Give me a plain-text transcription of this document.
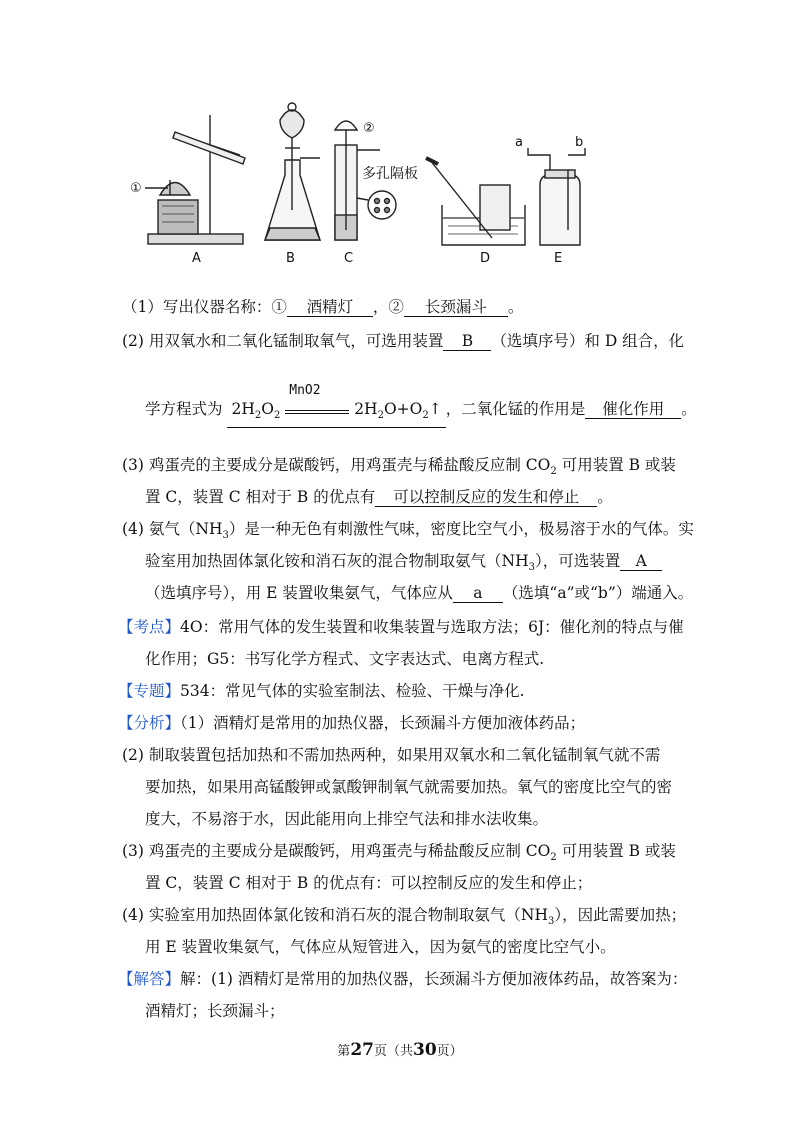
A	B	C	D	E
①
②
a	b
多孔隔板
（1）写出仪器名称：① 酒精灯 ，② 长颈漏斗 。
(2) 用双氧水和二氧化锰制取氧气，可选用装置 B （选填序号）和 D 组合，化
学方程式为 $2H_2O_2$
MnO2
$2H_2O+O_2↑$ ，二氧化锰的作用是 催化作用 。
(3) 鸡蛋壳的主要成分是碳酸钙，用鸡蛋壳与稀盐酸反应制 $CO_2$ 可用装置 B 或装
置 C，装置 C 相对于 B 的优点有 可以控制反应的发生和停止 。
(4) 氨气$(NH_3)$是一种无色有刺激性气味，密度比空气小，极易溶于水的气体。实
验室用加热固体氯化铵和消石灰的混合物制取氨气$(NH_3)$，可选装置 A
（选填序号），用 E 装置收集氨气，气体应从 a （选填“a”或“b”）端通入。
【考点】4O：常用气体的发生装置和收集装置与选取方法；6J：催化剂的特点与催
化作用；G5：书写化学方程式、文字表达式、电离方程式.
【专题】534：常见气体的实验室制法、检验、干燥与净化.
【分析】（1）酒精灯是常用的加热仪器，长颈漏斗方便加液体药品；
(2) 制取装置包括加热和不需加热两种，如果用双氧水和二氧化锰制氧气就不需
要加热，如果用高锰酸钾或氯酸钾制氧气就需要加热。氧气的密度比空气的密
度大，不易溶于水，因此能用向上排空气法和排水法收集。
(3) 鸡蛋壳的主要成分是碳酸钙，用鸡蛋壳与稀盐酸反应制 $CO_2$ 可用装置 B 或装
置 C，装置 C 相对于 B 的优点有：可以控制反应的发生和停止；
(4) 实验室用加热固体氯化铵和消石灰的混合物制取氨气$(NH_3)$，因此需要加热；
用 E 装置收集氨气，气体应从短管进入，因为氨气的密度比空气小。
【解答】解：(1) 酒精灯是常用的加热仪器，长颈漏斗方便加液体药品，故答案为：
酒精灯；长颈漏斗；
第27页（共30页）
